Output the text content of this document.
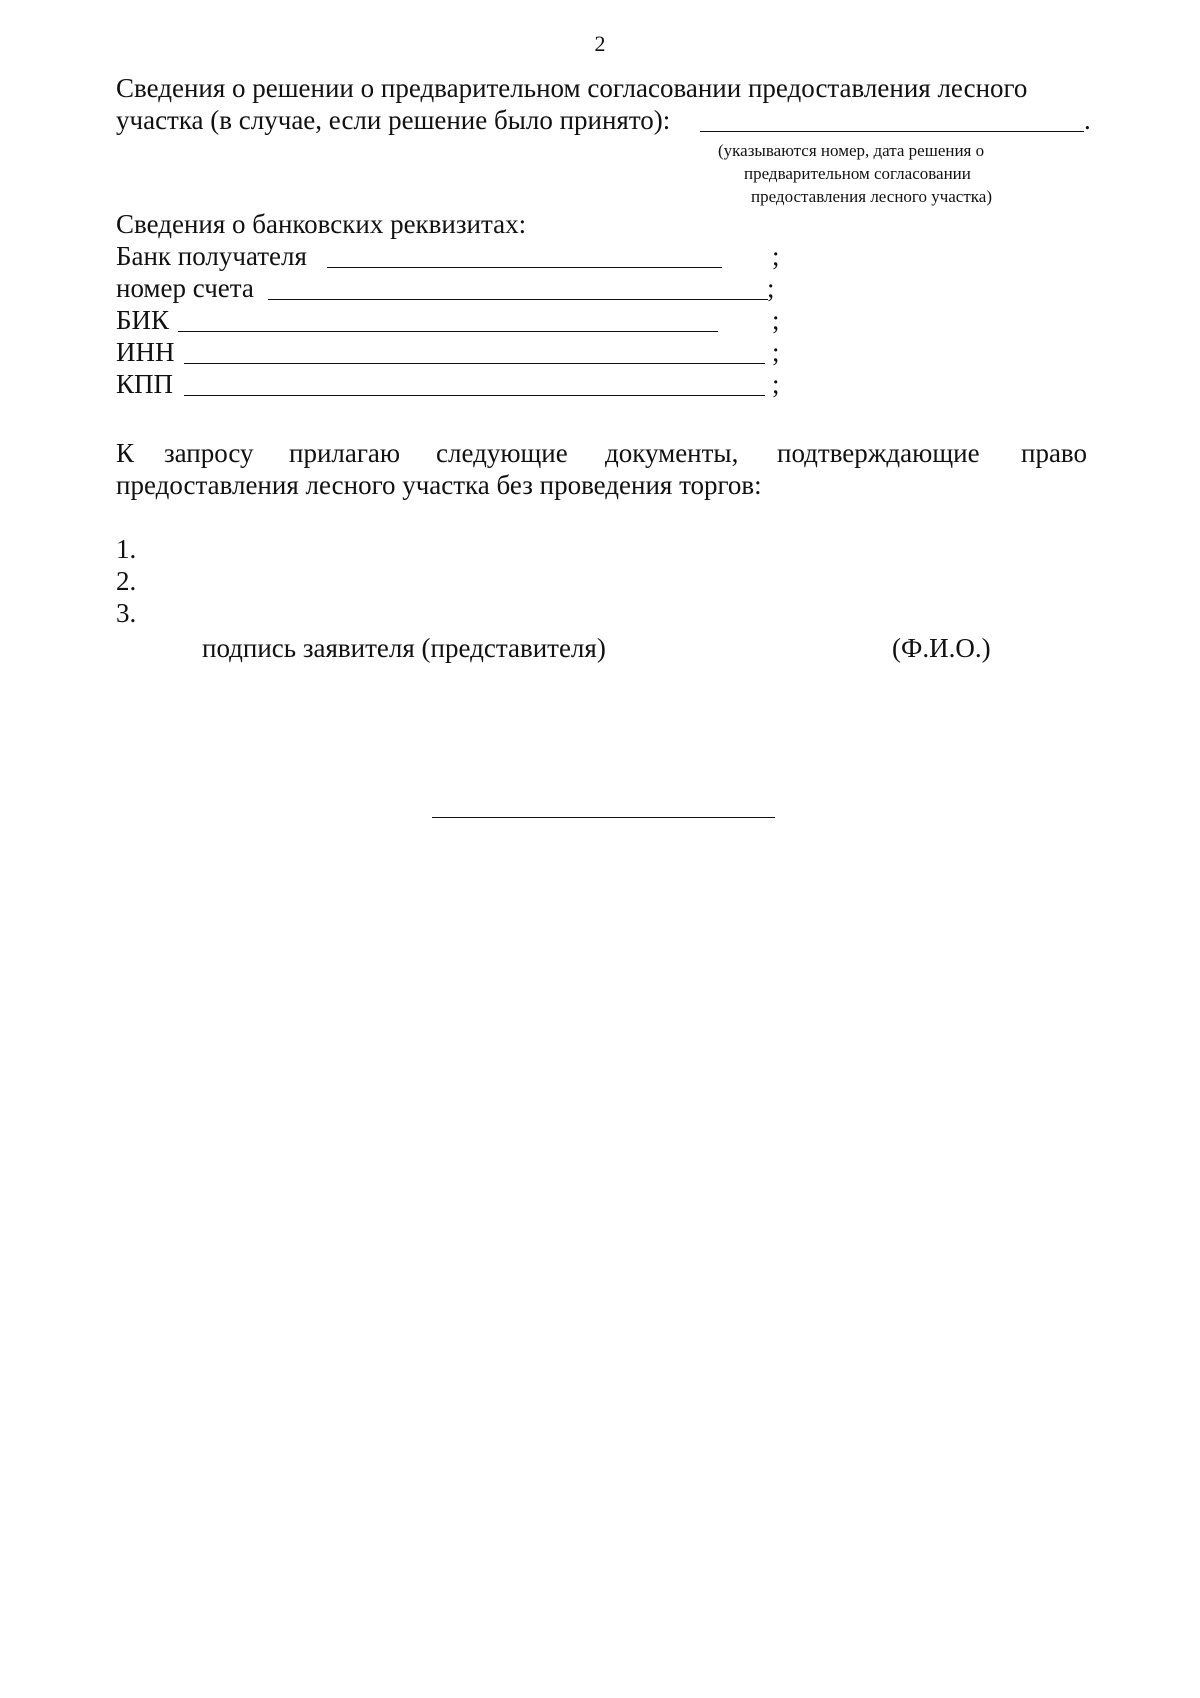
2
Сведения о решении о предварительном согласовании предоставления лесного
участка (в случае, если решение было принято):	.
(указываются номер, дата решения о
предварительном согласовании
предоставления лесного участка)
Сведения о банковских реквизитах:
Банк получателя	;
номер счета	;
БИК	;
ИНН	;
КПП	;
К запросу прилагаю следующие документы, подтверждающие право
предоставления лесного участка без проведения торгов:
1.
2.
3.
подпись заявителя (представителя)	(Ф.И.О.)
